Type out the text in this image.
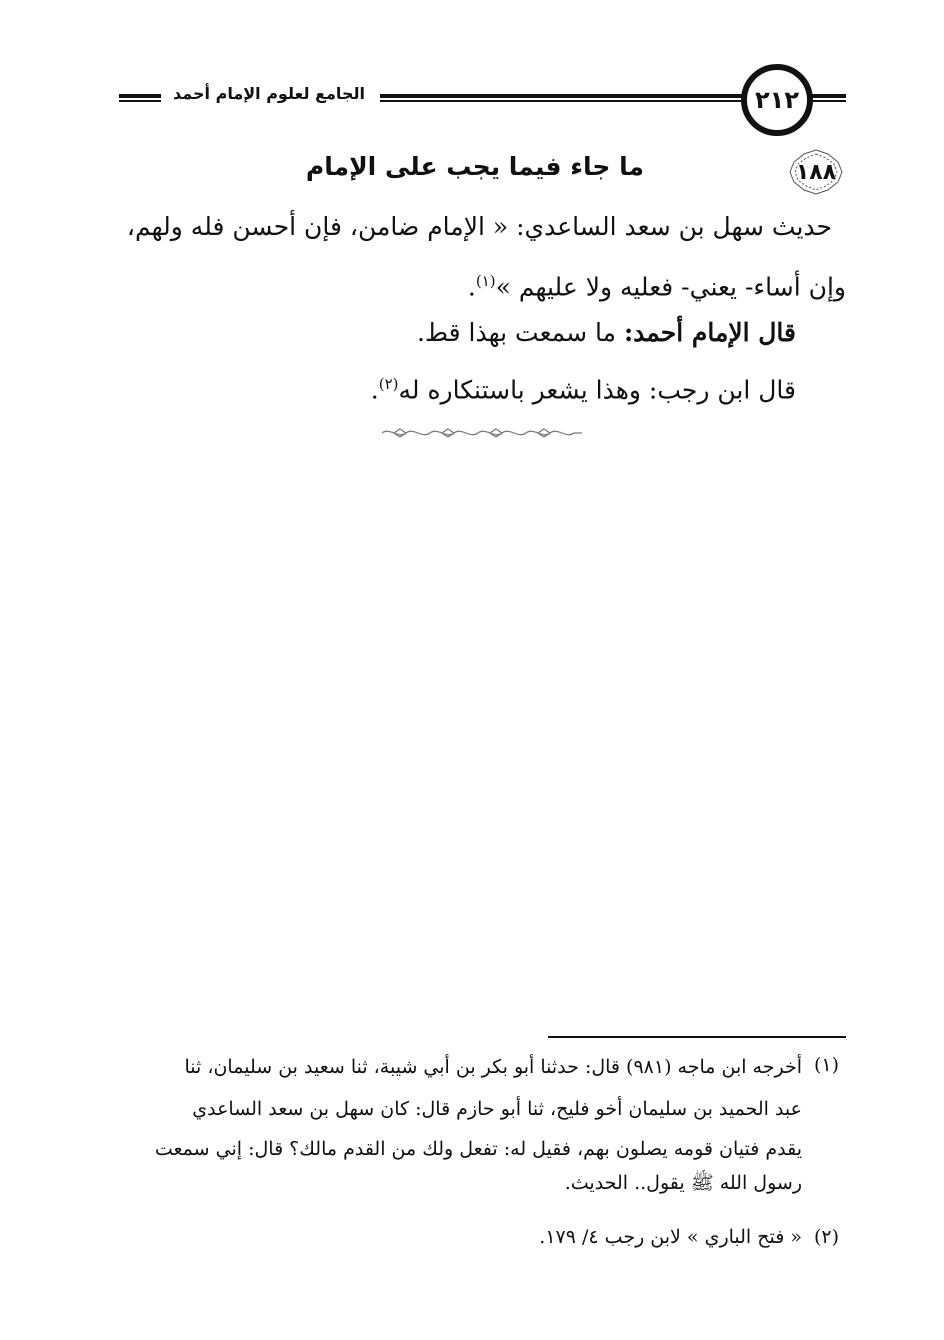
الجامع لعلوم الإمام أحمد	٢١٢
١٨٨
ما جاء فيما يجب على الإمام
حديث سهل بن سعد الساعدي: « الإمام ضامن، فإن أحسن فله ولهم،
وإن أساء- يعني- فعليه ولا عليهم »$^{(١)}$.
قال الإمام أحمد: ما سمعت بهذا قط.
قال ابن رجب: وهذا يشعر باستنكاره له$^{(٢)}$.
(١)
أخرجه ابن ماجه (٩٨١) قال: حدثنا أبو بكر بن أبي شيبة، ثنا سعيد بن سليمان، ثنا
عبد الحميد بن سليمان أخو فليح، ثنا أبو حازم قال: كان سهل بن سعد الساعدي
يقدم فتيان قومه يصلون بهم، فقيل له: تفعل ولك من القدم مالك؟ قال: إني سمعت
رسول الله ﷺ يقول.. الحديث.
(٢)
« فتح الباري » لابن رجب ٤/ ١٧٩.
